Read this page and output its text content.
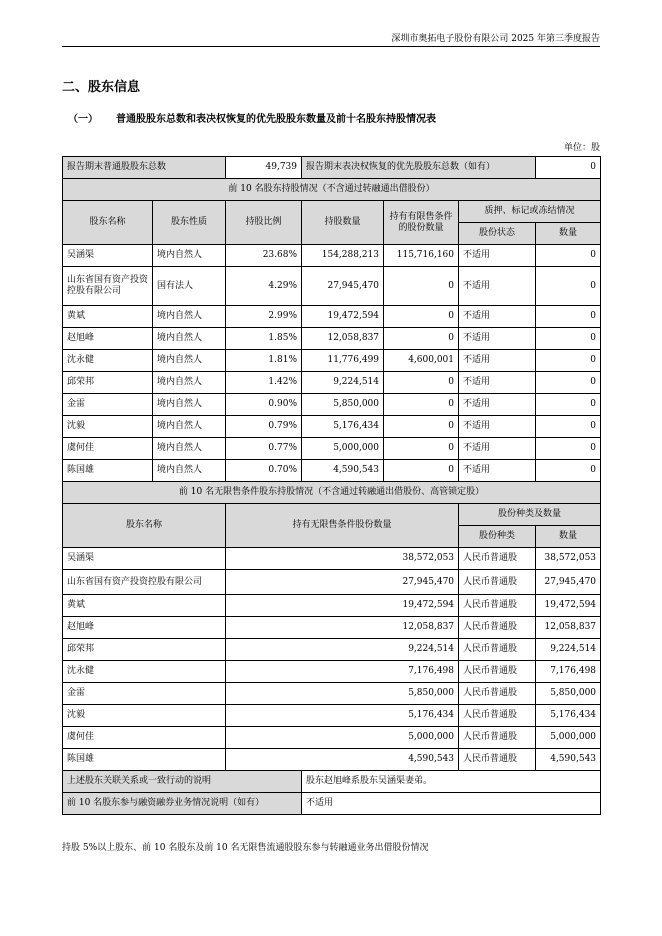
深圳市奥拓电子股份有限公司 2025 年第三季度报告
二、股东信息
（一） 普通股股东总数和表决权恢复的优先股股东数量及前十名股东持股情况表
单位：股
报告期末普通股股东总数		49,739	报告期末表决权恢复的优先股股东总数（如有）			0
前 10 名股东持股情况（不含通过转融通出借股份）						
股东名称	股东性质	持股比例	持股数量	持有有限售条件的股份数量	质押、标记或冻结情况	
					股份状态	数量
吴涵渠	境内自然人	23.68%	154,288,213	115,716,160	不适用	0
山东省国有资产投资控股有限公司	国有法人	4.29%	27,945,470	0	不适用	0
黄斌	境内自然人	2.99%	19,472,594	0	不适用	0
赵旭峰	境内自然人	1.85%	12,058,837	0	不适用	0
沈永健	境内自然人	1.81%	11,776,499	4,600,001	不适用	0
邱荣邦	境内自然人	1.42%	9,224,514	0	不适用	0
金雷	境内自然人	0.90%	5,850,000	0	不适用	0
沈毅	境内自然人	0.79%	5,176,434	0	不适用	0
虞何佳	境内自然人	0.77%	5,000,000	0	不适用	0
陈国雄	境内自然人	0.70%	4,590,543	0	不适用	0
前 10 名无限售条件股东持股情况（不含通过转融通出借股份、高管锁定股）						
股东名称		持有无限售条件股份数量			股份种类及数量	
					股份种类	数量
吴涵渠		38,572,053			人民币普通股	38,572,053
山东省国有资产投资控股有限公司		27,945,470			人民币普通股	27,945,470
黄斌		19,472,594			人民币普通股	19,472,594
赵旭峰		12,058,837			人民币普通股	12,058,837
邱荣邦		9,224,514			人民币普通股	9,224,514
沈永健		7,176,498			人民币普通股	7,176,498
金雷		5,850,000			人民币普通股	5,850,000
沈毅		5,176,434			人民币普通股	5,176,434
虞何佳		5,000,000			人民币普通股	5,000,000
陈国雄		4,590,543			人民币普通股	4,590,543
上述股东关联关系或一致行动的说明			股东赵旭峰系股东吴涵渠妻弟。			
前 10 名股东参与融资融券业务情况说明（如有）			不适用			
持股 5%以上股东、前 10 名股东及前 10 名无限售流通股股东参与转融通业务出借股份情况
